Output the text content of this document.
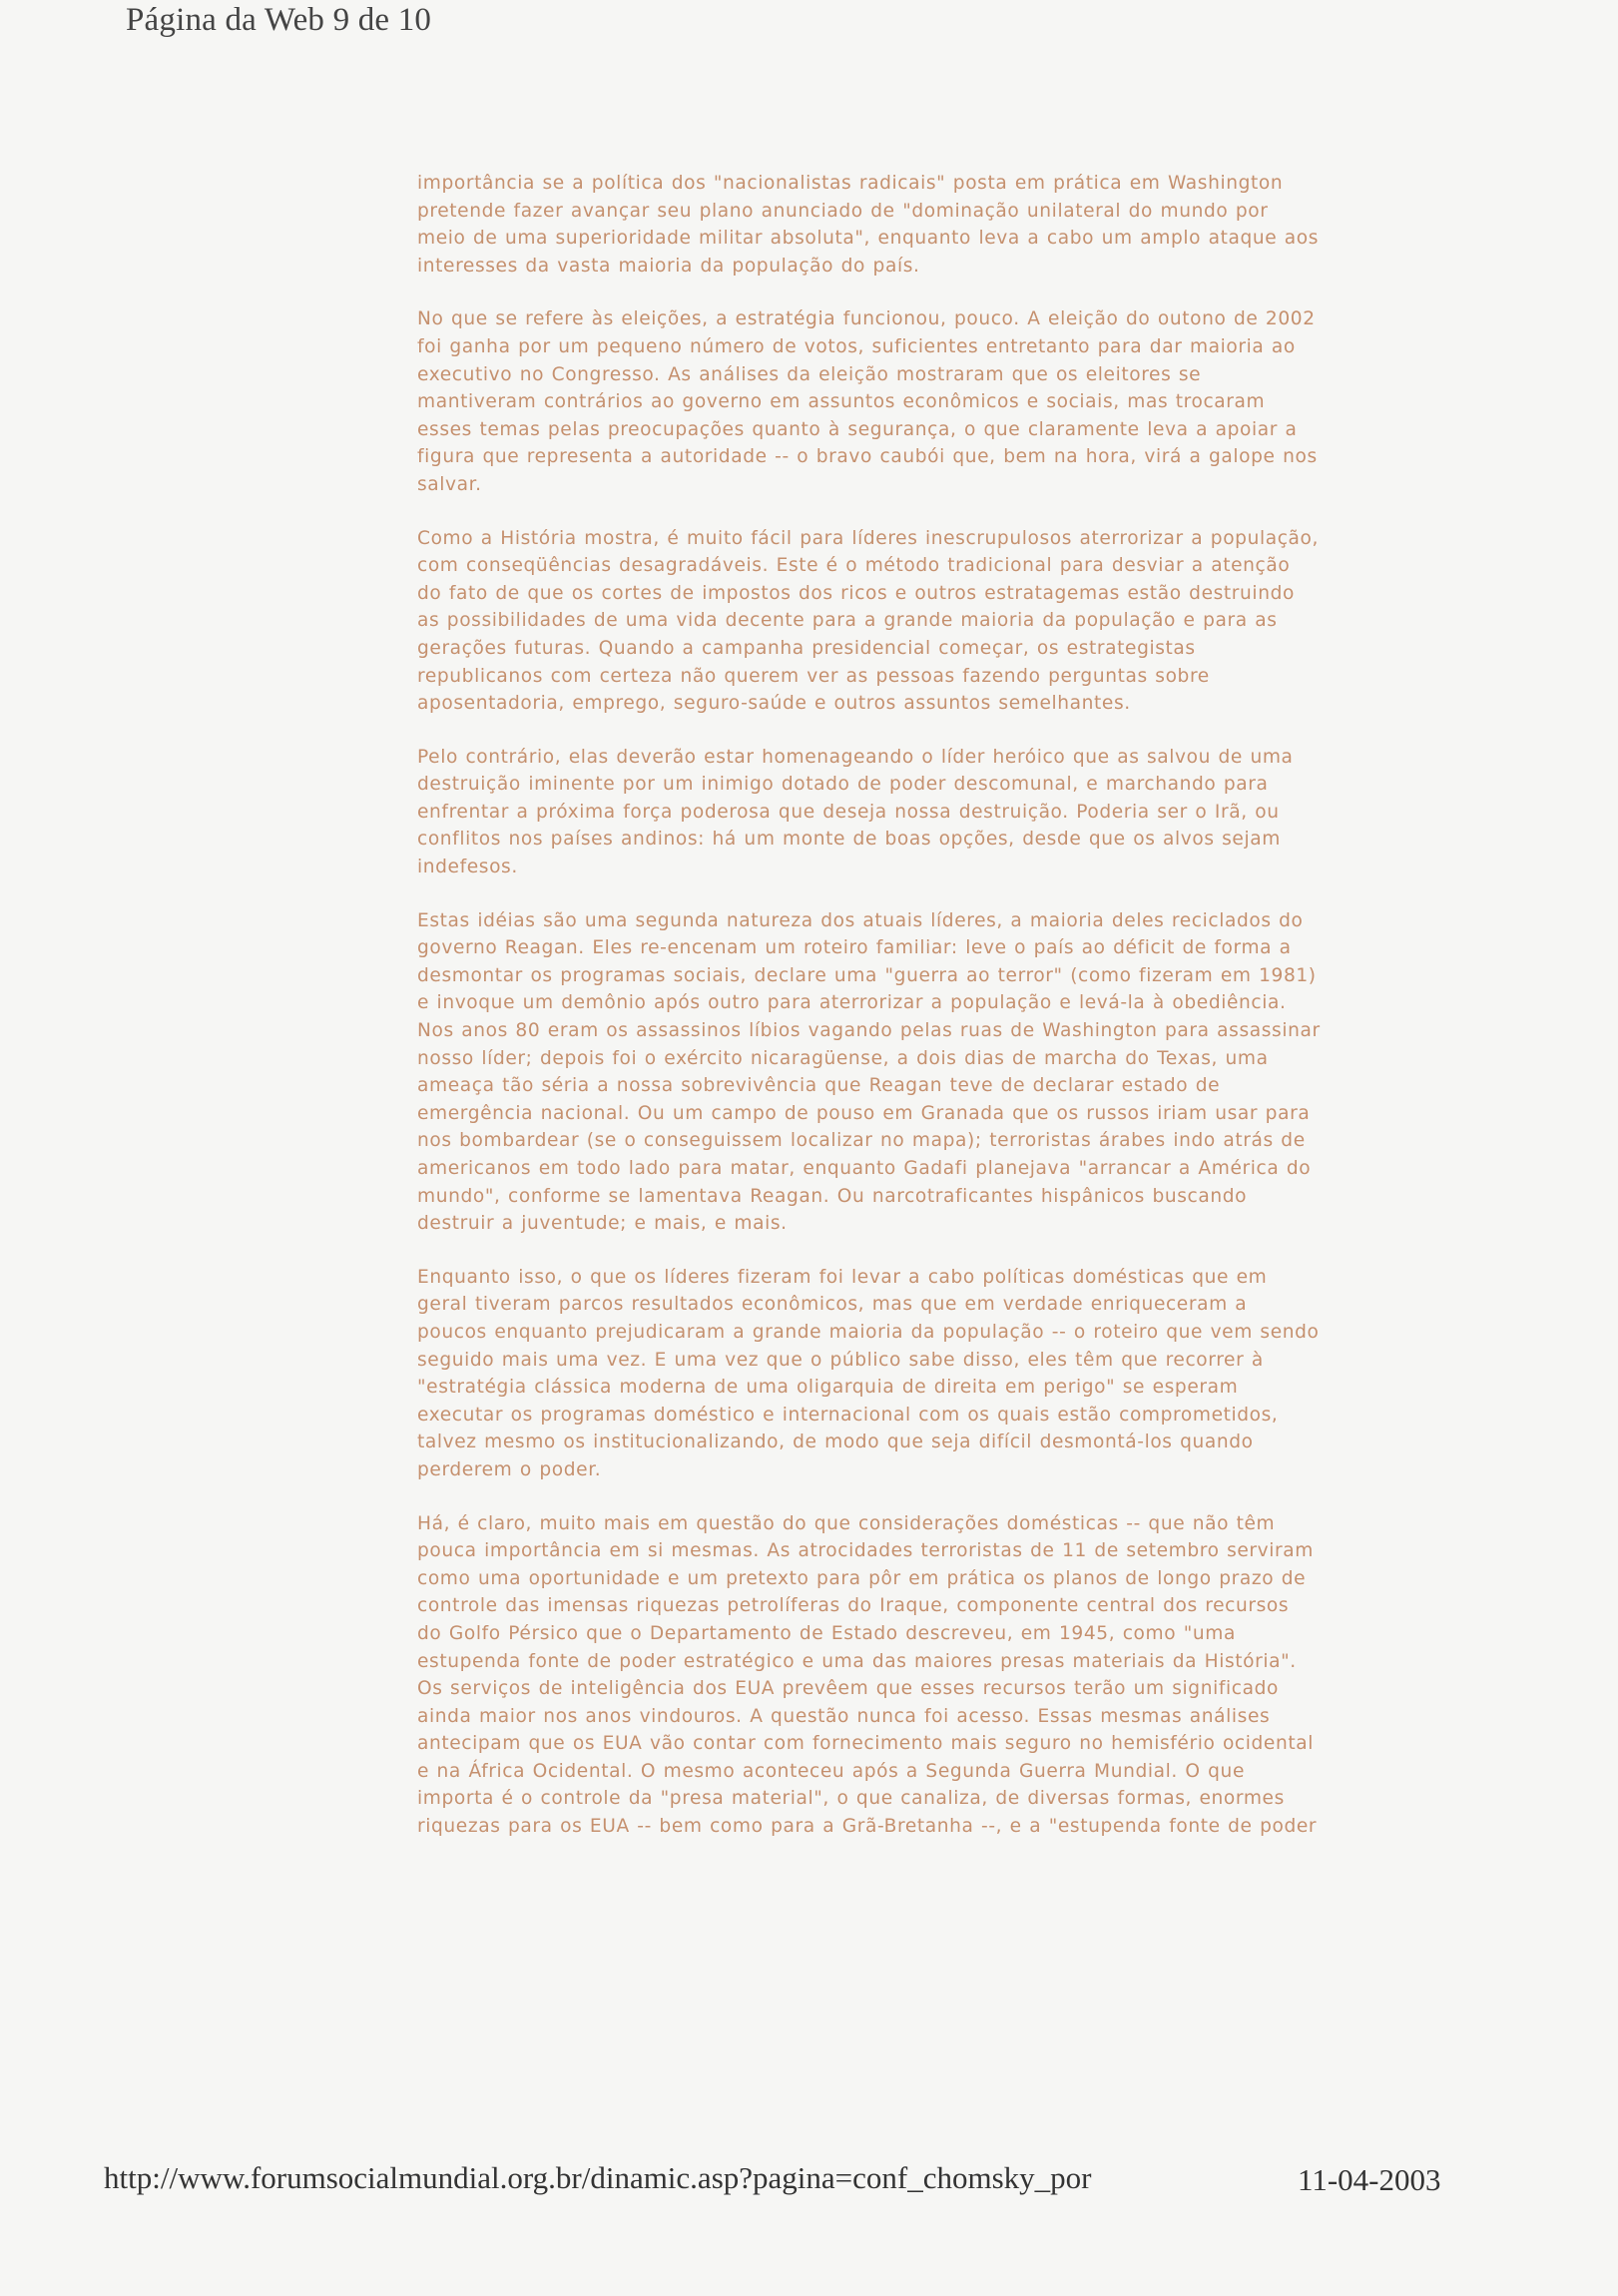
Página da Web 9 de 10

importância se a política dos "nacionalistas radicais" posta em prática em Washington pretende fazer avançar seu plano anunciado de "dominação unilateral do mundo por meio de uma superioridade militar absoluta", enquanto leva a cabo um amplo ataque aos interesses da vasta maioria da população do país.

No que se refere às eleições, a estratégia funcionou, pouco. A eleição do outono de 2002 foi ganha por um pequeno número de votos, suficientes entretanto para dar maioria ao executivo no Congresso. As análises da eleição mostraram que os eleitores se mantiveram contrários ao governo em assuntos econômicos e sociais, mas trocaram esses temas pelas preocupações quanto à segurança, o que claramente leva a apoiar a figura que representa a autoridade -- o bravo caubói que, bem na hora, virá a galope nos salvar.

Como a História mostra, é muito fácil para líderes inescrupulosos aterrorizar a população, com conseqüências desagradáveis. Este é o método tradicional para desviar a atenção do fato de que os cortes de impostos dos ricos e outros estratagemas estão destruindo as possibilidades de uma vida decente para a grande maioria da população e para as gerações futuras. Quando a campanha presidencial começar, os estrategistas republicanos com certeza não querem ver as pessoas fazendo perguntas sobre aposentadoria, emprego, seguro-saúde e outros assuntos semelhantes.

Pelo contrário, elas deverão estar homenageando o líder heróico que as salvou de uma destruição iminente por um inimigo dotado de poder descomunal, e marchando para enfrentar a próxima força poderosa que deseja nossa destruição. Poderia ser o Irã, ou conflitos nos países andinos: há um monte de boas opções, desde que os alvos sejam indefesos.

Estas idéias são uma segunda natureza dos atuais líderes, a maioria deles reciclados do governo Reagan. Eles re-encenam um roteiro familiar: leve o país ao déficit de forma a desmontar os programas sociais, declare uma "guerra ao terror" (como fizeram em 1981) e invoque um demônio após outro para aterrorizar a população e levá-la à obediência. Nos anos 80 eram os assassinos líbios vagando pelas ruas de Washington para assassinar nosso líder; depois foi o exército nicaragüense, a dois dias de marcha do Texas, uma ameaça tão séria a nossa sobrevivência que Reagan teve de declarar estado de emergência nacional. Ou um campo de pouso em Granada que os russos iriam usar para nos bombardear (se o conseguissem localizar no mapa); terroristas árabes indo atrás de americanos em todo lado para matar, enquanto Gadafi planejava "arrancar a América do mundo", conforme se lamentava Reagan. Ou narcotraficantes hispânicos buscando destruir a juventude; e mais, e mais.

Enquanto isso, o que os líderes fizeram foi levar a cabo políticas domésticas que em geral tiveram parcos resultados econômicos, mas que em verdade enriqueceram a poucos enquanto prejudicaram a grande maioria da população -- o roteiro que vem sendo seguido mais uma vez. E uma vez que o público sabe disso, eles têm que recorrer à "estratégia clássica moderna de uma oligarquia de direita em perigo" se esperam executar os programas doméstico e internacional com os quais estão comprometidos, talvez mesmo os institucionalizando, de modo que seja difícil desmontá-los quando perderem o poder.

Há, é claro, muito mais em questão do que considerações domésticas -- que não têm pouca importância em si mesmas. As atrocidades terroristas de 11 de setembro serviram como uma oportunidade e um pretexto para pôr em prática os planos de longo prazo de controle das imensas riquezas petrolíferas do Iraque, componente central dos recursos do Golfo Pérsico que o Departamento de Estado descreveu, em 1945, como "uma estupenda fonte de poder estratégico e uma das maiores presas materiais da História". Os serviços de inteligência dos EUA prevêem que esses recursos terão um significado ainda maior nos anos vindouros. A questão nunca foi acesso. Essas mesmas análises antecipam que os EUA vão contar com fornecimento mais seguro no hemisfério ocidental e na África Ocidental. O mesmo aconteceu após a Segunda Guerra Mundial. O que importa é o controle da "presa material", o que canaliza, de diversas formas, enormes riquezas para os EUA -- bem como para a Grã-Bretanha --, e a "estupenda fonte de poder

http://www.forumsocialmundial.org.br/dinamic.asp?pagina=conf_chomsky_por	11-04-2003
